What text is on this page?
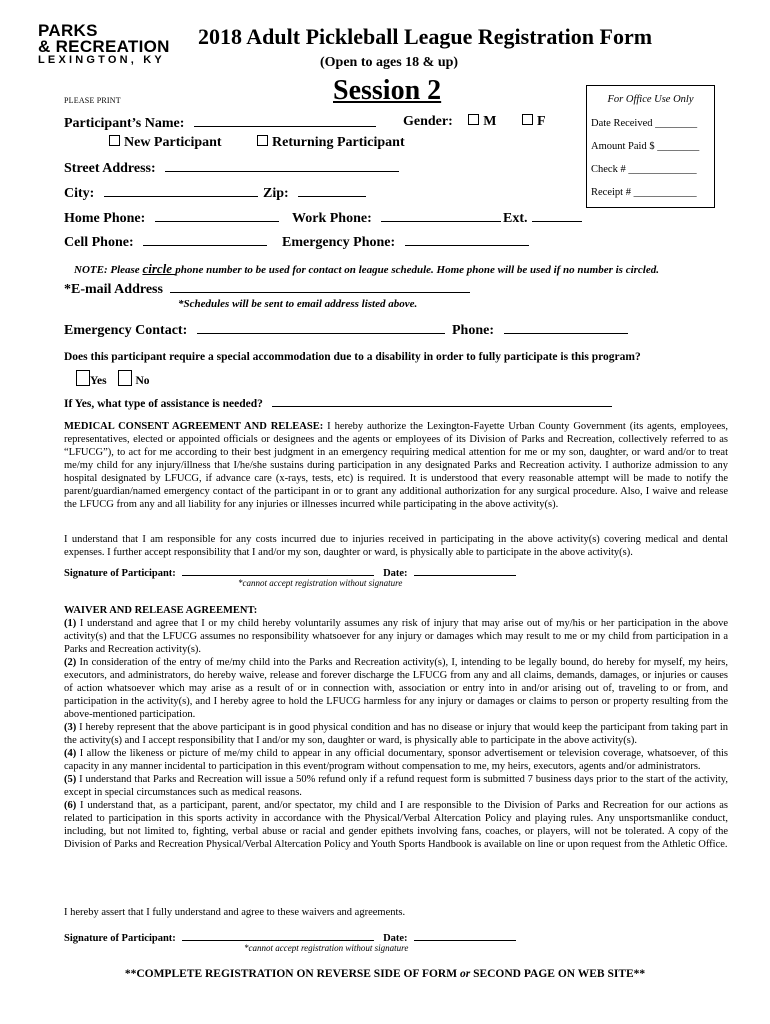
PARKS
& RECREATION
LEXINGTON, KY
2018 Adult Pickleball League Registration Form
(Open to ages 18 & up)
Session 2
PLEASE PRINT	For Office Use Only
Date Received ________
Amount Paid $ ________
Check # _____________
Receipt # ____________
Participant’s Name:	Gender: M	F
New Participant	Returning Participant
Street Address:
City:	Zip:
Home Phone:	Work Phone:	Ext.
Cell Phone:	Emergency Phone:
NOTE: Please circle phone number to be used for contact on league schedule. Home phone will be used if no number is circled.
*E-mail Address
*Schedules will be sent to email address listed above.
Emergency Contact:	Phone:
Does this participant require a special accommodation due to a disability in order to fully participate is this program?
Yes	No
If Yes, what type of assistance is needed?
MEDICAL CONSENT AGREEMENT AND RELEASE: I hereby authorize the Lexington-Fayette Urban County Government (its agents, employees, representatives, elected or appointed officials or designees and the agents or employees of its Division of Parks and Recreation, collectively referred to as “LFUCG”), to act for me according to their best judgment in an emergency requiring medical attention for me or my son, daughter, or ward and/or to treat me/my child for any injury/illness that I/he/she sustains during participation in any designated Parks and Recreation activity. I authorize admission to any hospital designated by LFUCG, if advance care (x-rays, tests, etc) is required. It is understood that every reasonable attempt will be made to notify the parent/guardian/named emergency contact of the participant in or to grant any additional authorization for any surgical procedure. Also, I waive and release the LFUCG from any and all liability for any injuries or illnesses incurred while participating in the above activity(s).
I understand that I am responsible for any costs incurred due to injuries received in participating in the above activity(s) covering medical and dental expenses. I further accept responsibility that I and/or my son, daughter or ward, is physically able to participate in the above activity(s).
Signature of Participant:	Date:
*cannot accept registration without signature
WAIVER AND RELEASE AGREEMENT:
(1) I understand and agree that I or my child hereby voluntarily assumes any risk of injury that may arise out of my/his or her participation in the above activity(s) and that the LFUCG assumes no responsibility whatsoever for any injury or damages which may result to me or my child from participation in a Parks and Recreation activity(s).
(2) In consideration of the entry of me/my child into the Parks and Recreation activity(s), I, intending to be legally bound, do hereby for myself, my heirs, executors, and administrators, do hereby waive, release and forever discharge the LFUCG from any and all claims, demands, damages, or injuries or causes of action whatsoever which may arise as a result of or in connection with, association or entry into in and/or arising out of, traveling to or from, and participation in the activity(s), and I hereby agree to hold the LFUCG harmless for any injury or damages or claims to person or property resulting from the above-mentioned participation.
(3) I hereby represent that the above participant is in good physical condition and has no disease or injury that would keep the participant from taking part in the activity(s) and I accept responsibility that I and/or my son, daughter or ward, is physically able to participate in the above activity(s).
(4) I allow the likeness or picture of me/my child to appear in any official documentary, sponsor advertisement or television coverage, whatsoever, of this capacity in any manner incidental to participation in this event/program without compensation to me, my heirs, executors, agents and/or administrators.
(5) I understand that Parks and Recreation will issue a 50% refund only if a refund request form is submitted 7 business days prior to the start of the activity, except in special circumstances such as medical reasons.
(6) I understand that, as a participant, parent, and/or spectator, my child and I are responsible to the Division of Parks and Recreation for our actions as related to participation in this sports activity in accordance with the Physical/Verbal Altercation Policy and playing rules. Any unsportsmanlike conduct, including, but not limited to, fighting, verbal abuse or racial and gender epithets involving fans, coaches, or players, will not be tolerated. A copy of the Division of Parks and Recreation Physical/Verbal Altercation Policy and Youth Sports Handbook is available on line or upon request from the Athletic Office.
I hereby assert that I fully understand and agree to these waivers and agreements.
Signature of Participant:	Date:
*cannot accept registration without signature
**COMPLETE REGISTRATION ON REVERSE SIDE OF FORM or SECOND PAGE ON WEB SITE**
